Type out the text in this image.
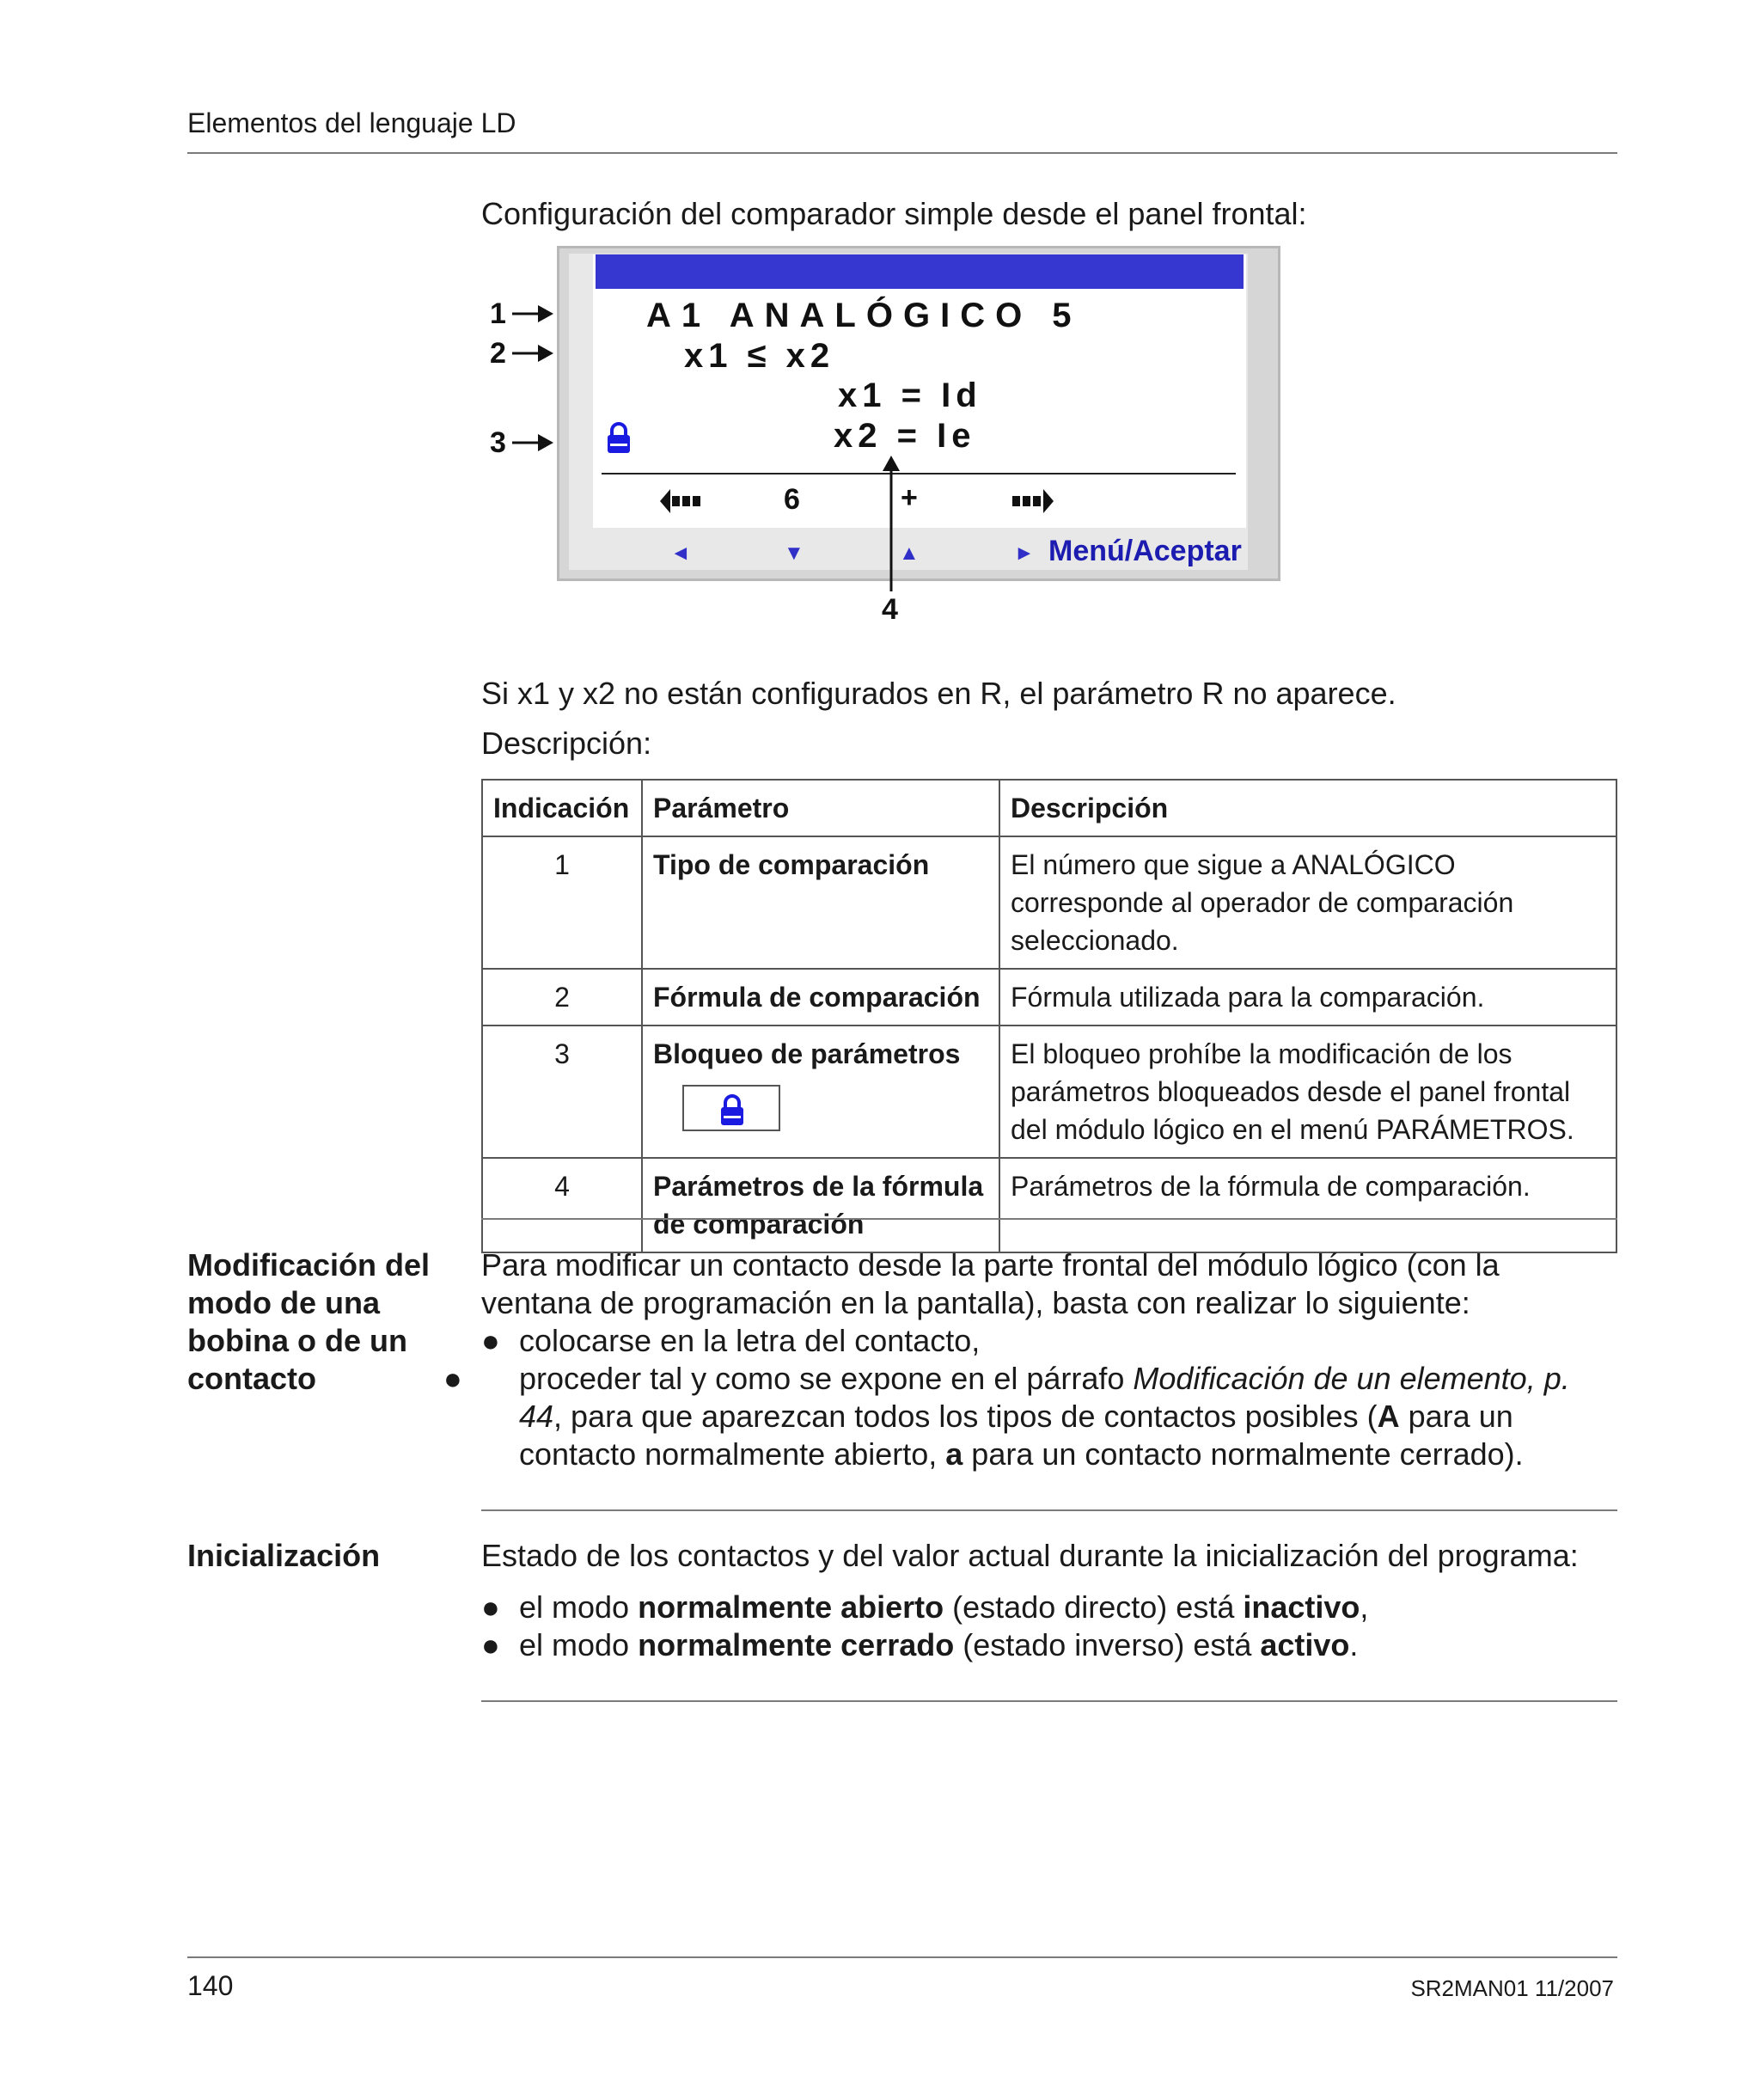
Elementos del lenguaje LD
Configuración del comparador simple desde el panel frontal:
A1 ANALÓGICO 5
x1 ≤ x2
x1 = Id
x2 = Ie
6	+
◄	▼	▲	► Menú/Aceptar
1
2
3
4
Si x1 y x2 no están configurados en R, el parámetro R no aparece.
Descripción:
Indicación	Parámetro	Descripción
1	Tipo de comparación	El número que sigue a ANALÓGICO corresponde al operador de comparación seleccionado.
2	Fórmula de comparación	Fórmula utilizada para la comparación.
3	Bloqueo de parámetros	El bloqueo prohíbe la modificación de los parámetros bloqueados desde el panel frontal del módulo lógico en el menú PARÁMETROS.
4	Parámetros de la fórmula de comparación	Parámetros de la fórmula de comparación.
Modificación del modo de una bobina o de un contacto
Para modificar un contacto desde la parte frontal del módulo lógico (con la ventana de programación en la pantalla), basta con realizar lo siguiente:
● colocarse en la letra del contacto,
● proceder tal y como se expone en el párrafo Modificación de un elemento, p. 44, para que aparezcan todos los tipos de contactos posibles (A para un contacto normalmente abierto, a para un contacto normalmente cerrado).
Inicialización	Estado de los contactos y del valor actual durante la inicialización del programa:
● el modo normalmente abierto (estado directo) está inactivo,
● el modo normalmente cerrado (estado inverso) está activo.
140	SR2MAN01 11/2007
